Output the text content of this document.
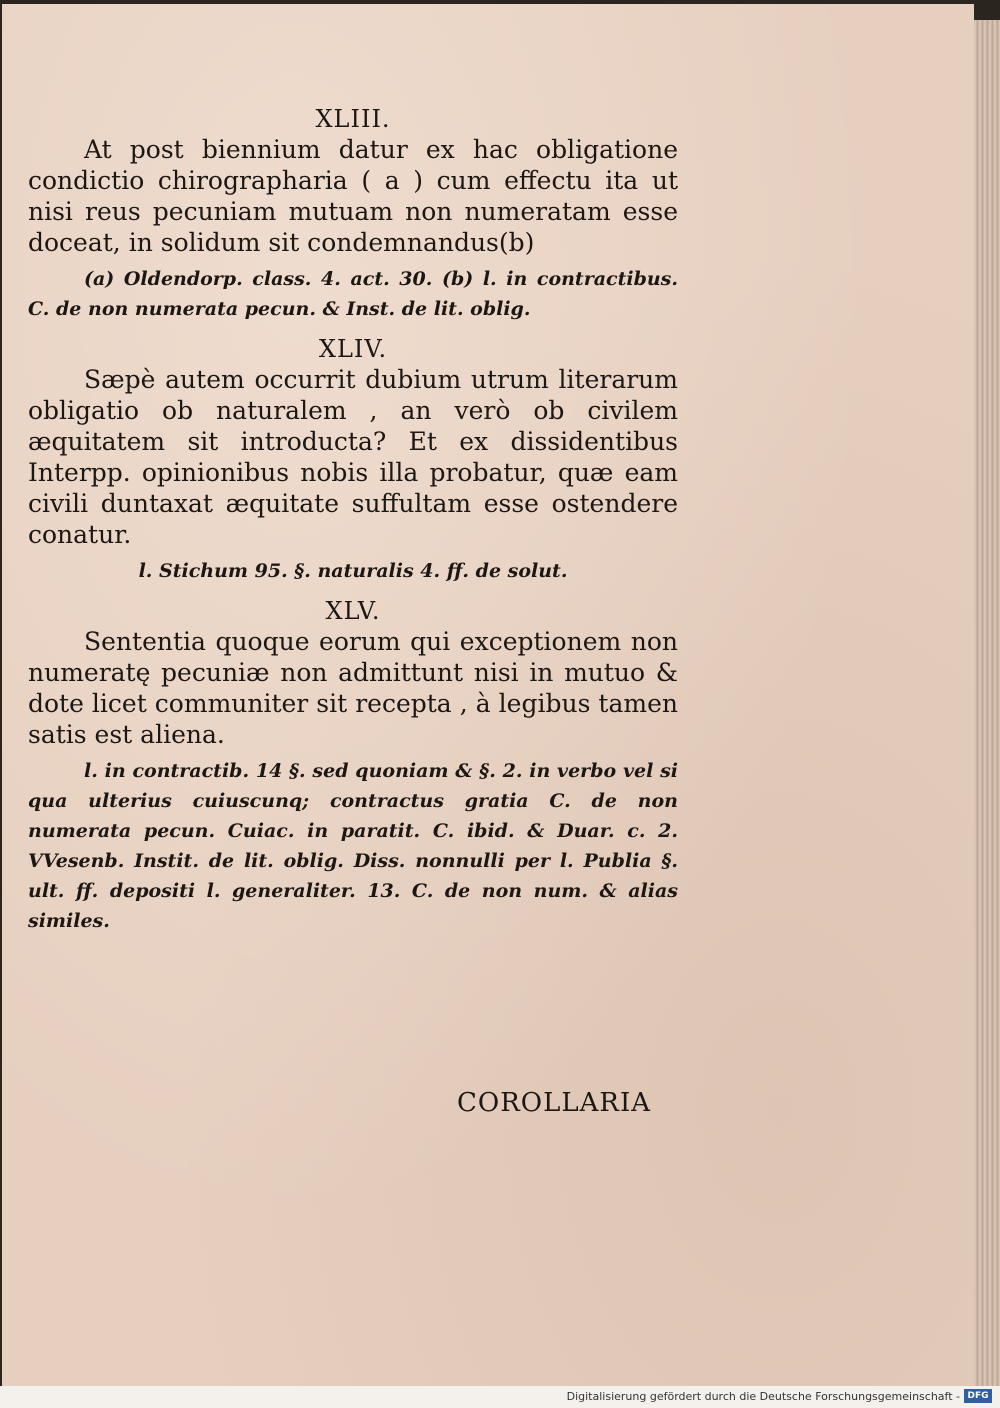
XLIII.

At post biennium datur ex hac obligatione condictio chirographaria ( a ) cum effectu ita ut nisi reus pecuniam mutuam non numeratam esse doceat, in solidum sit condemnandus(b)

(a) Oldendorp. class. 4. act. 30. (b) l. in contractibus. C. de non numerata pecun. & Inst. de lit. oblig.

XLIV.

Sæpè autem occurrit dubium utrum literarum obligatio ob naturalem , an verò ob civilem æquitatem sit introducta? Et ex dissidentibus Interpp. opinionibus nobis illa probatur, quæ eam civili duntaxat æquitate suffultam esse ostendere conatur.

l. Stichum 95. §. naturalis 4. ff. de solut.

XLV.

Sententia quoque eorum qui exceptionem non numeratę pecuniæ non admittunt nisi in mutuo & dote licet communiter sit recepta , à legibus tamen satis est aliena.

l. in contractib. 14 §. sed quoniam & §. 2. in verbo vel si qua ulterius cuiuscunq; contractus gratia C. de non numerata pecun. Cuiac. in paratit. C. ibid. & Duar. c. 2. VVesenb. Instit. de lit. oblig. Diss. nonnulli per l. Publia §. ult. ff. depositi l. generaliter. 13. C. de non num. & alias similes.

COROLLARIA
Digitalisierung gefördert durch die Deutsche Forschungsgemeinschaft - DFG
